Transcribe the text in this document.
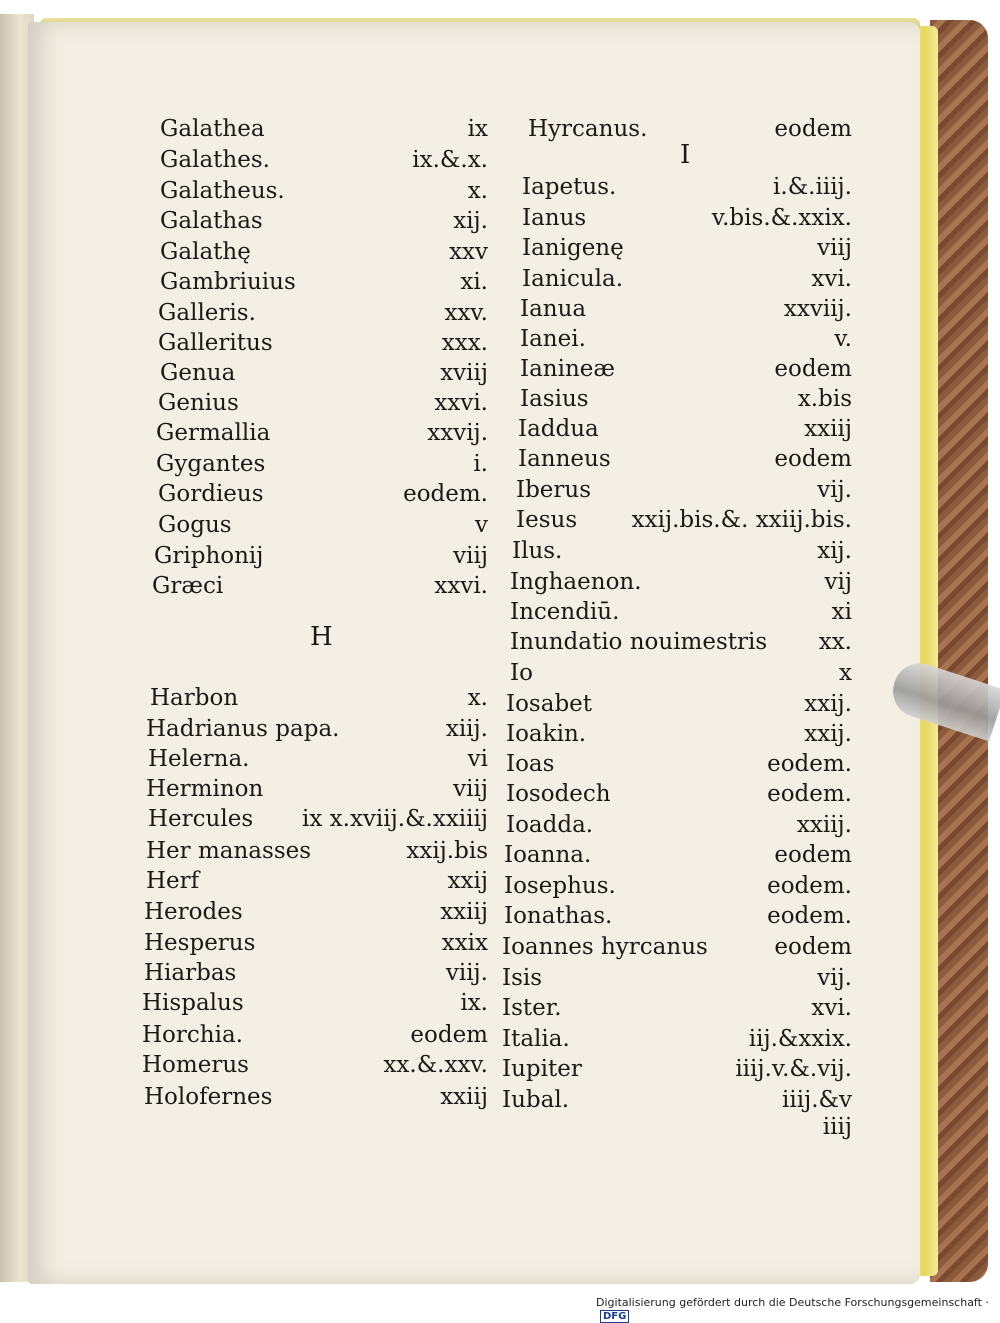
Galathea	ix
Galathes.	ix.&.x.
Galatheus.	x.
Galathas	xij.
Galathę	xxv
Gambriuius	xi.
Galleris.	xxv.
Galleritus	xxx.
Genua	xviij
Genius	xxvi.
Germallia	xxvij.
Gygantes	i.
Gordieus	eodem.
Gogus	v
Griphonij	viij
Græci	xxvi.
H
Harbon	x.
Hadrianus papa.	xiij.
Helerna.	vi
Herminon	viij
Hercules ix x.xviij.&.xxiiij
Her manasses	xxij.bis
Herf	xxij
Herodes	xxiij
Hesperus	xxix
Hiarbas	viij.
Hispalus	ix.
Horchia.	eodem
Homerus	xx.&.xxv.
Holofernes	xxiij
Hyrcanus.	eodem
I
Iapetus.	i.&.iiij.
Ianus	v.bis.&.xxix.
Ianigenę	viij
Ianicula.	xvi.
Ianua	xxviij.
Ianei.	v.
Ianineæ	eodem
Iasius	x.bis
Iaddua	xxiij
Ianneus	eodem
Iberus	vij.
Iesus xxij.bis.&. xxiij.bis.
Ilus.	xij.
Inghaenon.	vij
Incendiū.	xi
Inundatio nouimestris xx.
Io	x
Iosabet	xxij.
Ioakin.	xxij.
Ioas	eodem.
Iosodech	eodem.
Ioadda.	xxiij.
Ioanna.	eodem
Iosephus.	eodem.
Ionathas.	eodem.
Ioannes hyrcanus	eodem
Isis	vij.
Ister.	xvi.
Italia.	iij.&xxix.
Iupiter	iiij.v.&.vij.
Iubal.	iiij.&v
iiij
Digitalisierung gefördert durch die Deutsche Forschungsgemeinschaft · DFG
